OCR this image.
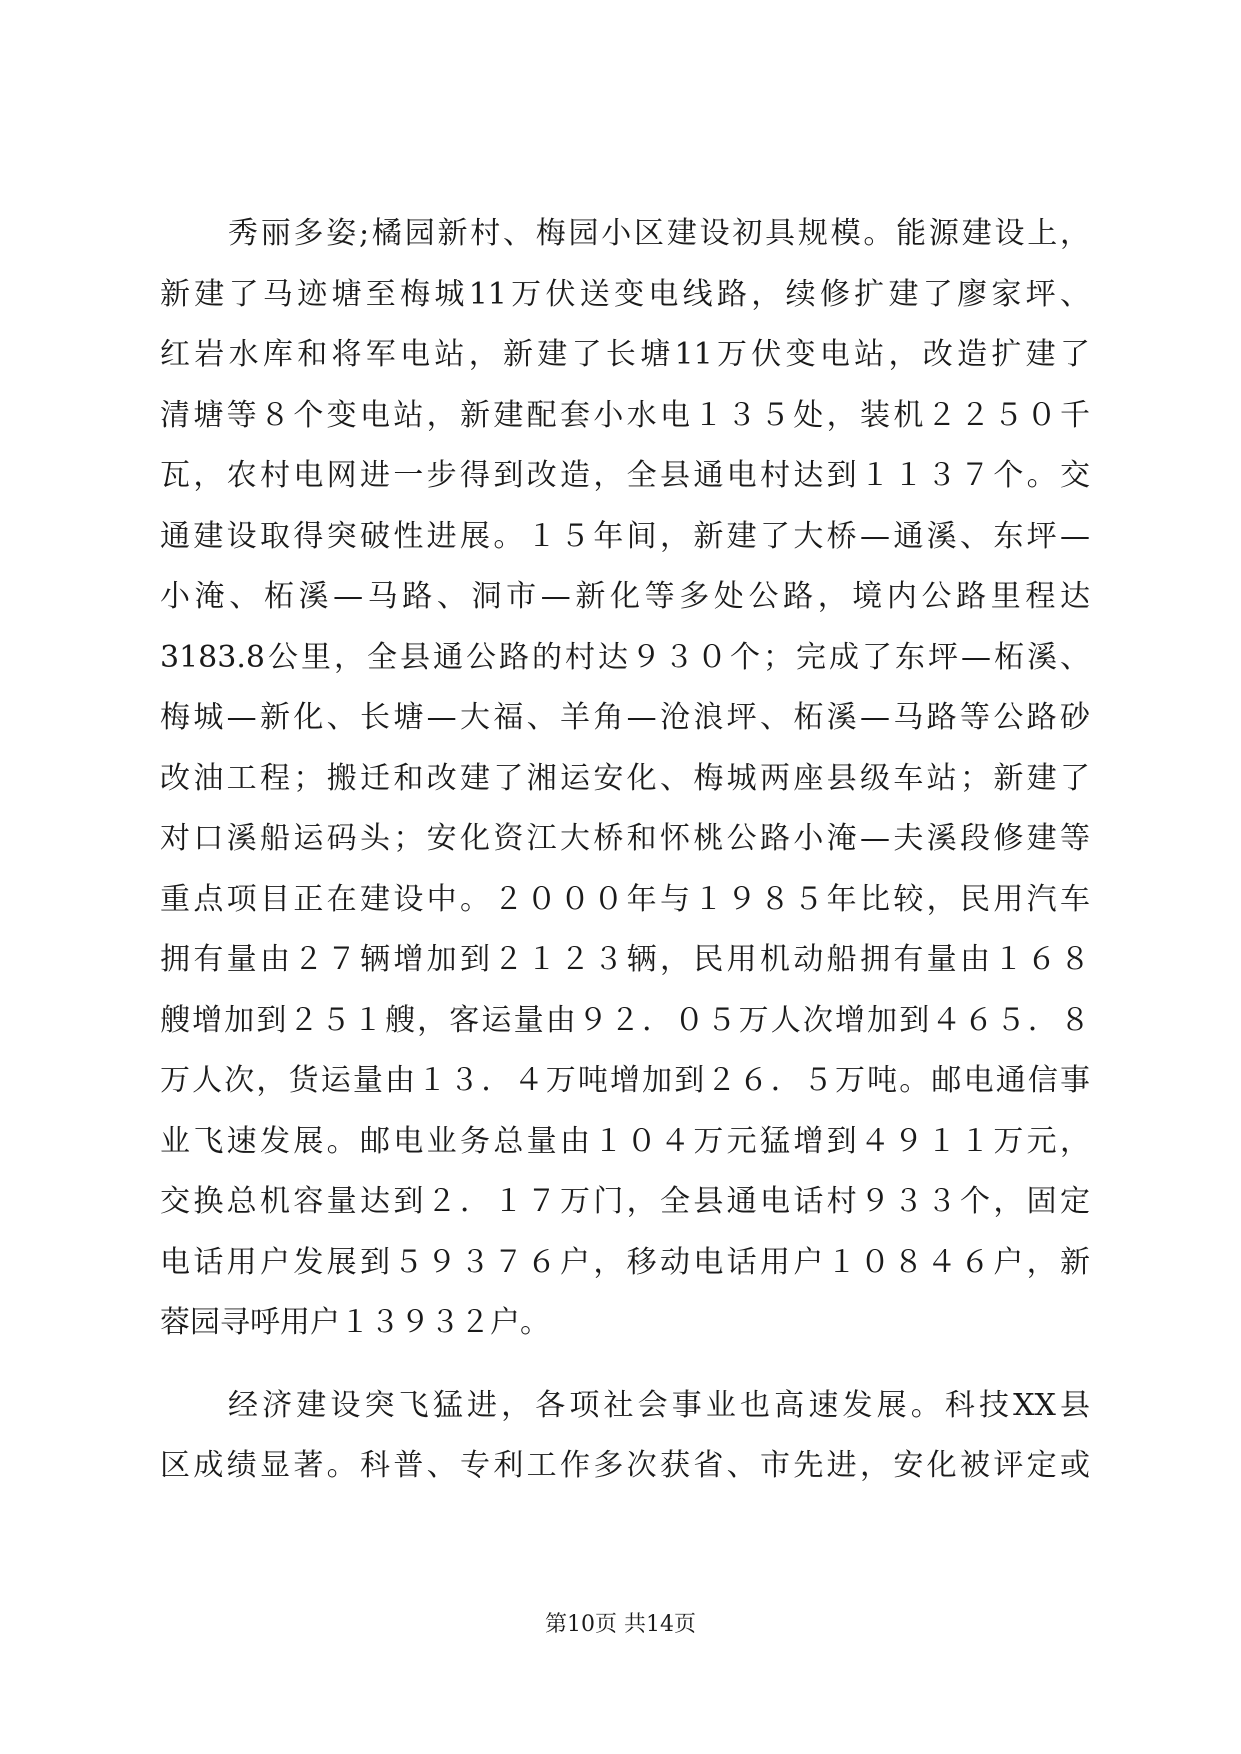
秀丽多姿;橘园新村、梅园小区建设初具规模。能源建设上，
新建了马迹塘至梅城11万伏送变电线路，续修扩建了廖家坪、
红岩水库和将军电站，新建了长塘11万伏变电站，改造扩建了
清塘等８个变电站，新建配套小水电１３５处，装机２２５０千
瓦，农村电网进一步得到改造，全县通电村达到１１３７个。交
通建设取得突破性进展。１５年间，新建了大桥—通溪、东坪—
小淹、柘溪—马路、洞市—新化等多处公路，境内公路里程达
3183.8公里，全县通公路的村达９３０个；完成了东坪—柘溪、
梅城—新化、长塘—大福、羊角—沧浪坪、柘溪—马路等公路砂
改油工程；搬迁和改建了湘运安化、梅城两座县级车站；新建了
对口溪船运码头；安化资江大桥和怀桃公路小淹—夫溪段修建等
重点项目正在建设中。２０００年与１９８５年比较，民用汽车
拥有量由２７辆增加到２１２３辆，民用机动船拥有量由１６８
艘增加到２５１艘，客运量由９２．０５万人次增加到４６５．８
万人次，货运量由１３．４万吨增加到２６．５万吨。邮电通信事
业飞速发展。邮电业务总量由１０４万元猛增到４９１１万元，
交换总机容量达到２．１７万门，全县通电话村９３３个，固定
电话用户发展到５９３７６户，移动电话用户１０８４６户，新
蓉园寻呼用户１３９３２户。
经济建设突飞猛进，各项社会事业也高速发展。科技XX县
区成绩显著。科普、专利工作多次获省、市先进，安化被评定或
第10页 共14页
